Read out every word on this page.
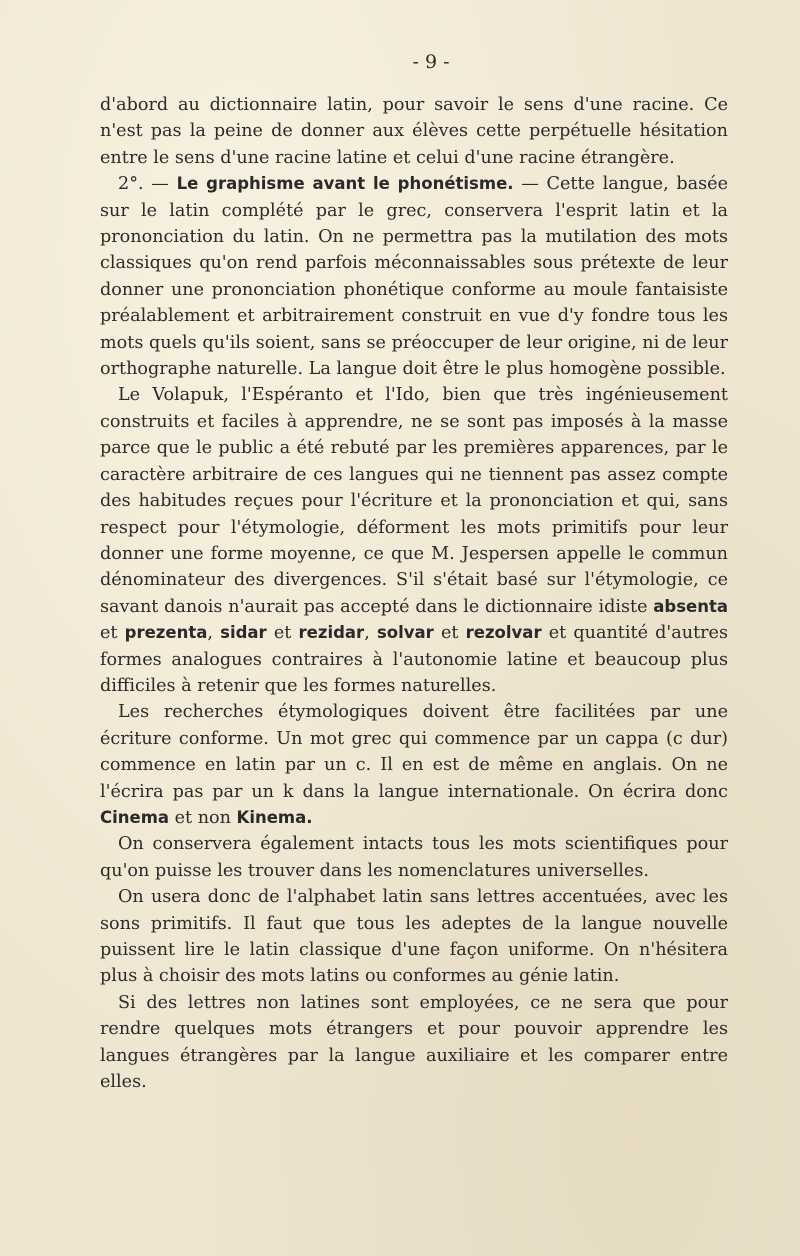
- 9 -

d'abord au dictionnaire latin, pour savoir le sens d'une racine. Ce n'est pas la peine de donner aux élèves cette perpétuelle hésitation entre le sens d'une racine latine et celui d'une racine étrangère.

2°. — Le graphisme avant le phonétisme. — Cette langue, basée sur le latin complété par le grec, conservera l'esprit latin et la prononciation du latin. On ne permettra pas la mutilation des mots classiques qu'on rend parfois méconnaissables sous prétexte de leur donner une prononciation phonétique conforme au moule fantaisiste préalablement et arbitrairement construit en vue d'y fondre tous les mots quels qu'ils soient, sans se préoccuper de leur origine, ni de leur orthographe naturelle. La langue doit être le plus homogène possible.

Le Volapuk, l'Espéranto et l'Ido, bien que très ingénieusement construits et faciles à apprendre, ne se sont pas imposés à la masse parce que le public a été rebuté par les premières apparences, par le caractère arbitraire de ces langues qui ne tiennent pas assez compte des habitudes reçues pour l'écriture et la prononciation et qui, sans respect pour l'étymologie, déforment les mots primitifs pour leur donner une forme moyenne, ce que M. Jespersen appelle le commun dénominateur des divergences. S'il s'était basé sur l'étymologie, ce savant danois n'aurait pas accepté dans le dictionnaire idiste absenta et prezenta, sidar et rezidar, solvar et rezolvar et quantité d'autres formes analogues contraires à l'autonomie latine et beaucoup plus difficiles à retenir que les formes naturelles.

Les recherches étymologiques doivent être facilitées par une écriture conforme. Un mot grec qui commence par un cappa (c dur) commence en latin par un c. Il en est de même en anglais. On ne l'écrira pas par un k dans la langue internationale. On écrira donc Cinema et non Kinema.

On conservera également intacts tous les mots scientifiques pour qu'on puisse les trouver dans les nomenclatures universelles.

On usera donc de l'alphabet latin sans lettres accentuées, avec les sons primitifs. Il faut que tous les adeptes de la langue nouvelle puissent lire le latin classique d'une façon uniforme. On n'hésitera plus à choisir des mots latins ou conformes au génie latin.

Si des lettres non latines sont employées, ce ne sera que pour rendre quelques mots étrangers et pour pouvoir apprendre les langues étrangères par la langue auxiliaire et les comparer entre elles.
